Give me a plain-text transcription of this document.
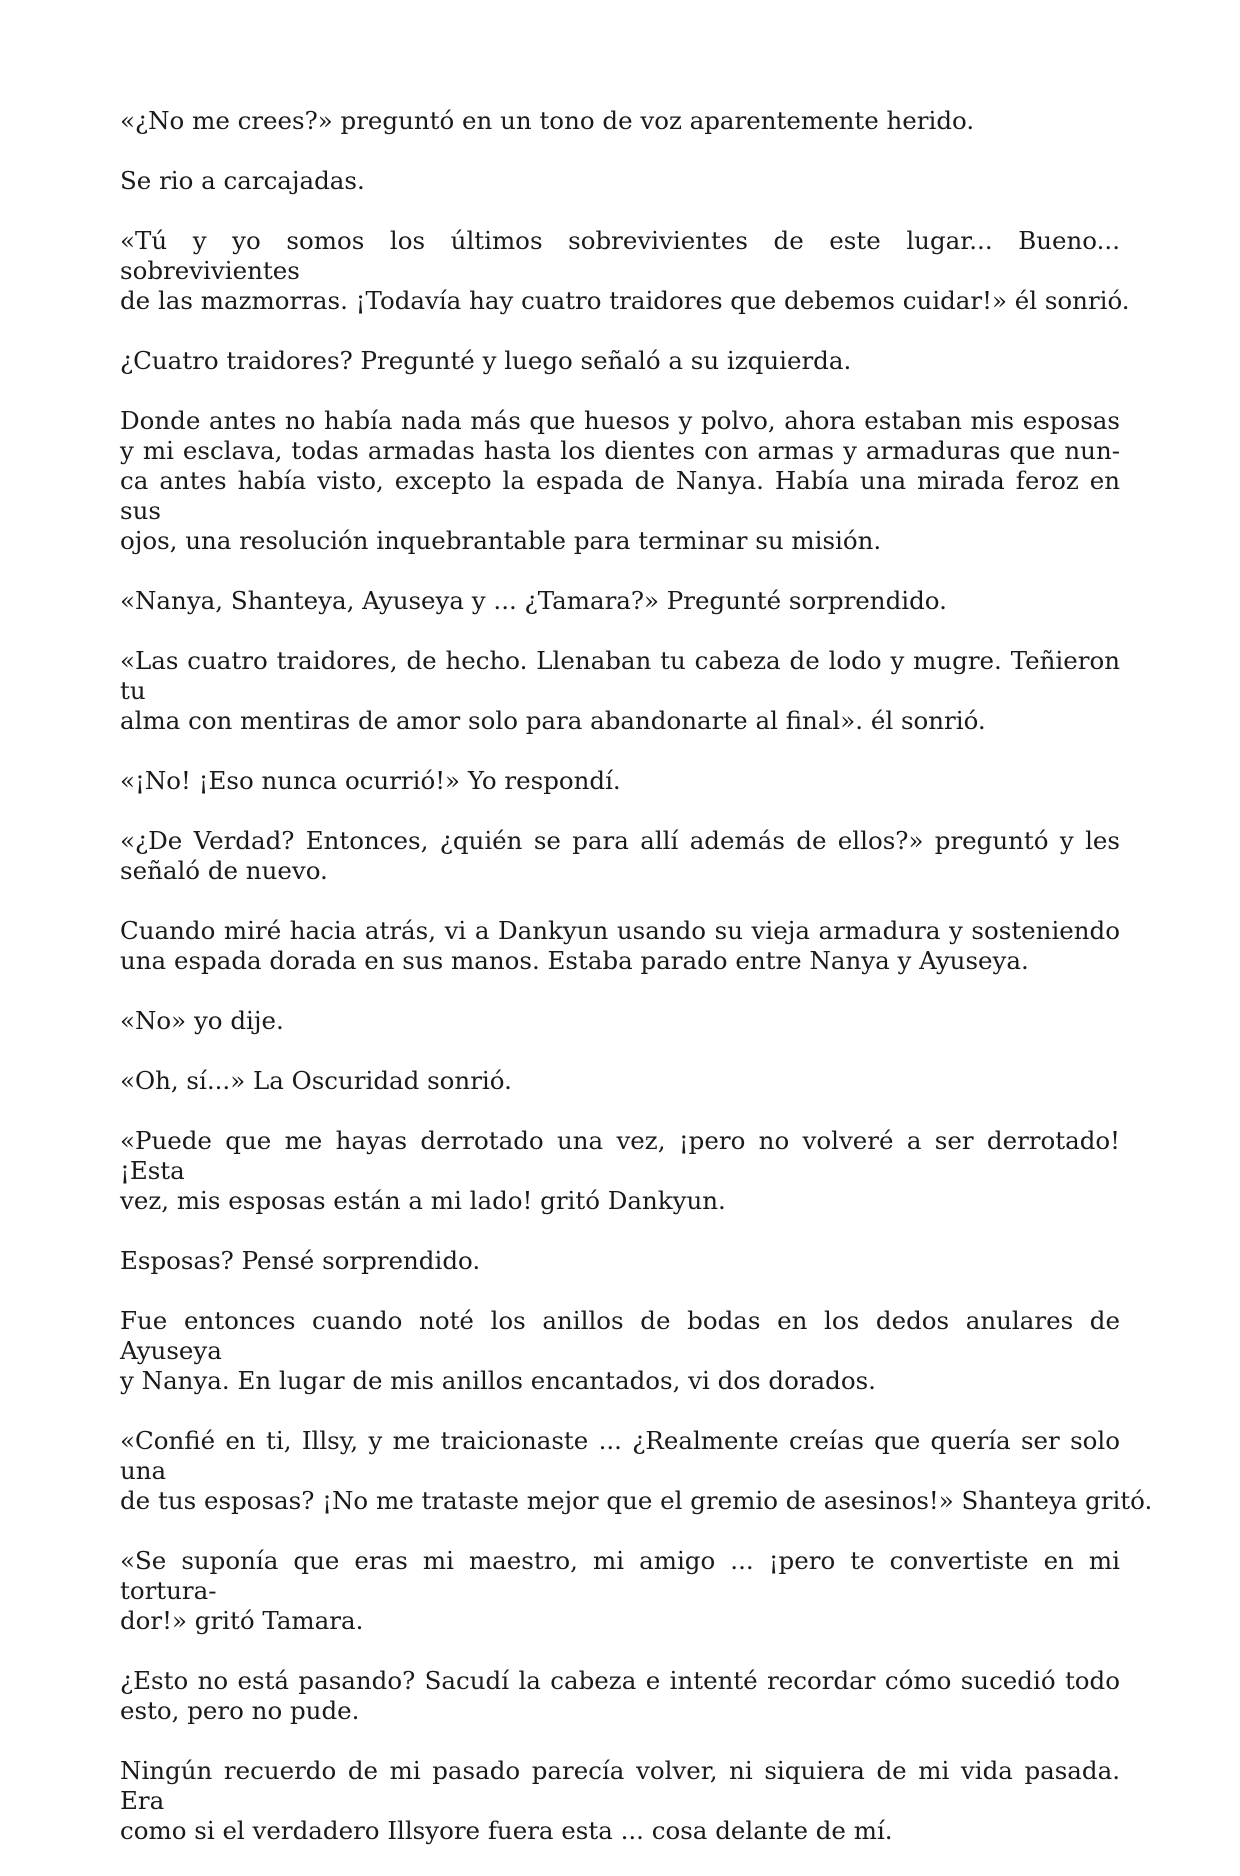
«¿No me crees?» preguntó en un tono de voz aparentemente herido.

Se rio a carcajadas.

«Tú y yo somos los últimos sobrevivientes de este lugar... Bueno... sobrevivientes
de las mazmorras. ¡Todavía hay cuatro traidores que debemos cuidar!» él sonrió.

¿Cuatro traidores? Pregunté y luego señaló a su izquierda.

Donde antes no había nada más que huesos y polvo, ahora estaban mis esposas
y mi esclava, todas armadas hasta los dientes con armas y armaduras que nun-
ca antes había visto, excepto la espada de Nanya. Había una mirada feroz en sus
ojos, una resolución inquebrantable para terminar su misión.

«Nanya, Shanteya, Ayuseya y ... ¿Tamara?» Pregunté sorprendido.

«Las cuatro traidores, de hecho. Llenaban tu cabeza de lodo y mugre. Teñieron tu
alma con mentiras de amor solo para abandonarte al final». él sonrió.

«¡No! ¡Eso nunca ocurrió!» Yo respondí.

«¿De Verdad? Entonces, ¿quién se para allí además de ellos?» preguntó y les
señaló de nuevo.

Cuando miré hacia atrás, vi a Dankyun usando su vieja armadura y sosteniendo
una espada dorada en sus manos. Estaba parado entre Nanya y Ayuseya.

«No» yo dije.

«Oh, sí...» La Oscuridad sonrió.

«Puede que me hayas derrotado una vez, ¡pero no volveré a ser derrotado! ¡Esta
vez, mis esposas están a mi lado! gritó Dankyun.

Esposas? Pensé sorprendido.

Fue entonces cuando noté los anillos de bodas en los dedos anulares de Ayuseya
y Nanya. En lugar de mis anillos encantados, vi dos dorados.

«Confié en ti, Illsy, y me traicionaste ... ¿Realmente creías que quería ser solo una
de tus esposas? ¡No me trataste mejor que el gremio de asesinos!» Shanteya gritó.

«Se suponía que eras mi maestro, mi amigo ... ¡pero te convertiste en mi tortura-
dor!» gritó Tamara.

¿Esto no está pasando? Sacudí la cabeza e intenté recordar cómo sucedió todo
esto, pero no pude.

Ningún recuerdo de mi pasado parecía volver, ni siquiera de mi vida pasada. Era
como si el verdadero Illsyore fuera esta ... cosa delante de mí.
